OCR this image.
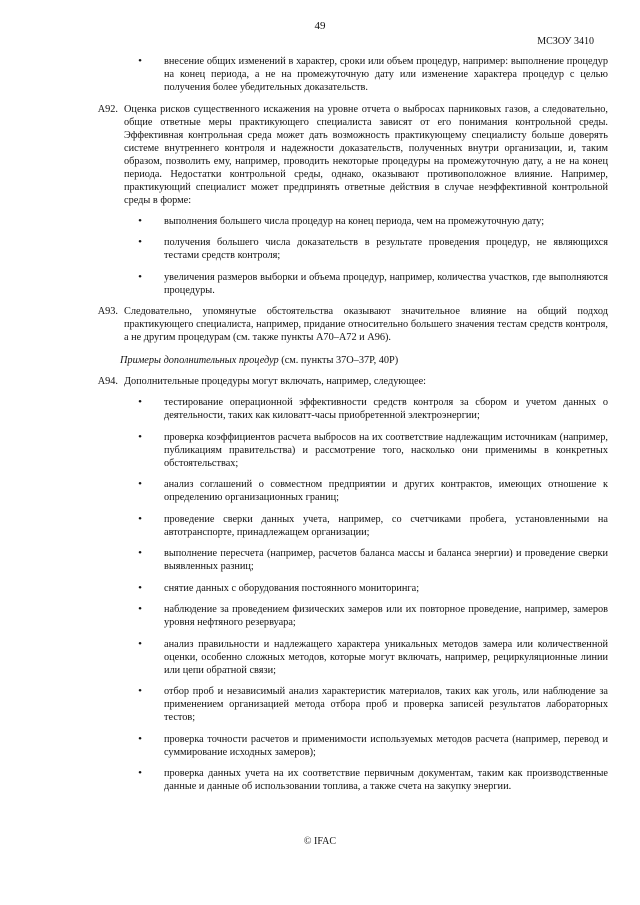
49
МСЗОУ 3410
•	внесение общих изменений в характер, сроки или объем процедур, например: выполнение процедур на конец периода, а не на промежуточную дату или изменение характера процедур с целью получения более убедительных доказательств.
A92. Оценка рисков существенного искажения на уровне отчета о выбросах парниковых газов, а следовательно, общие ответные меры практикующего специалиста зависят от его понимания контрольной среды. Эффективная контрольная среда может дать возможность практикующему специалисту больше доверять системе внутреннего контроля и надежности доказательств, полученных внутри организации, и, таким образом, позволить ему, например, проводить некоторые процедуры на промежуточную дату, а не на конец периода. Недостатки контрольной среды, однако, оказывают противоположное влияние. Например, практикующий специалист может предпринять ответные действия в случае неэффективной контрольной среды в форме:
•	выполнения большего числа процедур на конец периода, чем на промежуточную дату;
•	получения большего числа доказательств в результате проведения процедур, не являющихся тестами средств контроля;
•	увеличения размеров выборки и объема процедур, например, количества участков, где выполняются процедуры.
A93. Следовательно, упомянутые обстоятельства оказывают значительное влияние на общий подход практикующего специалиста, например, придание относительно большего значения тестам средств контроля, а не другим процедурам (см. также пункты А70–А72 и А96).
Примеры дополнительных процедур (см. пункты 37О–37Р, 40Р)
A94. Дополнительные процедуры могут включать, например, следующее:
•	тестирование операционной эффективности средств контроля за сбором и учетом данных о деятельности, таких как киловатт-часы приобретенной электроэнергии;
•	проверка коэффициентов расчета выбросов на их соответствие надлежащим источникам (например, публикациям правительства) и рассмотрение того, насколько они применимы в конкретных обстоятельствах;
•	анализ соглашений о совместном предприятии и других контрактов, имеющих отношение к определению организационных границ;
•	проведение сверки данных учета, например, со счетчиками пробега, установленными на автотранспорте, принадлежащем организации;
•	выполнение пересчета (например, расчетов баланса массы и баланса энергии) и проведение сверки выявленных разниц;
•	снятие данных с оборудования постоянного мониторинга;
•	наблюдение за проведением физических замеров или их повторное проведение, например, замеров уровня нефтяного резервуара;
•	анализ правильности и надлежащего характера уникальных методов замера или количественной оценки, особенно сложных методов, которые могут включать, например, рециркуляционные линии или цепи обратной связи;
•	отбор проб и независимый анализ характеристик материалов, таких как уголь, или наблюдение за применением организацией метода отбора проб и проверка записей результатов лабораторных тестов;
•	проверка точности расчетов и применимости используемых методов расчета (например, перевод и суммирование исходных замеров);
•	проверка данных учета на их соответствие первичным документам, таким как производственные данные и данные об использовании топлива, а также счета на закупку энергии.
© IFAC
